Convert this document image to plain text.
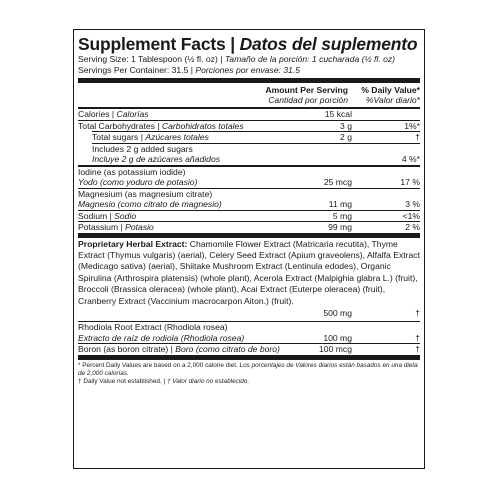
Supplement Facts | Datos del suplemento
Serving Size: 1 Tablespoon (½ fl. oz) | Tamaño de la porción: 1 cucharada (½ fl. oz)
Servings Per Container: 31.5 | Porciones por envase: 31.5
Amount Per Serving
Cantidad por porción
% Daily Value*
%Valor diario*
Calories | Calorías	15 kcal
Total Carbohydrates | Carbohidratos totales	3 g	1%*
Total sugars | Azúcares totales	2 g	†
Includes 2 g added sugars
Incluye 2 g de azúcares añadidos	4 %*
Iodine (as potassium iodide)
Yodo (como yoduro de potasio)	25 mcg	17 %
Magnesium (as magnesium citrate)
Magnesio (como citrato de magnesio)	11 mg	3 %
Sodium | Sodio	5 mg	<1%
Potassium | Potasio	99 mg	2 %
Proprietary Herbal Extract: Chamomile Flower Extract (Matricaria recutita), Thyme Extract (Thymus vulgaris) (aerial), Celery Seed Extract (Apium graveolens), Alfalfa Extract (Medicago sativa) (aerial), Shiitake Mushroom Extract (Lentinula edodes), Organic Spirulina (Arthrospira platensis) (whole plant), Acerola Extract (Malpighia glabra L.) (fruit), Broccoli (Brassica oleracea) (whole plant), Acai Extract (Euterpe oleracea) (fruit), Cranberry Extract (Vaccinium macrocarpon Aiton.) (fruit).
500 mg	†
Rhodiola Root Extract (Rhodiola rosea)
Extracto de raíz de rodiola (Rhodiola rosea)	100 mg	†
Boron (as boron citrate) | Boro (como citrato de boro)	100 mcg	†
* Percent Daily Values are based on a 2,000 calorie diet. Los porcentajes de Valores diarios están basados en una dieta de 2,000 calorías.
† Daily Value not established. | † Valor diario no establecido.
